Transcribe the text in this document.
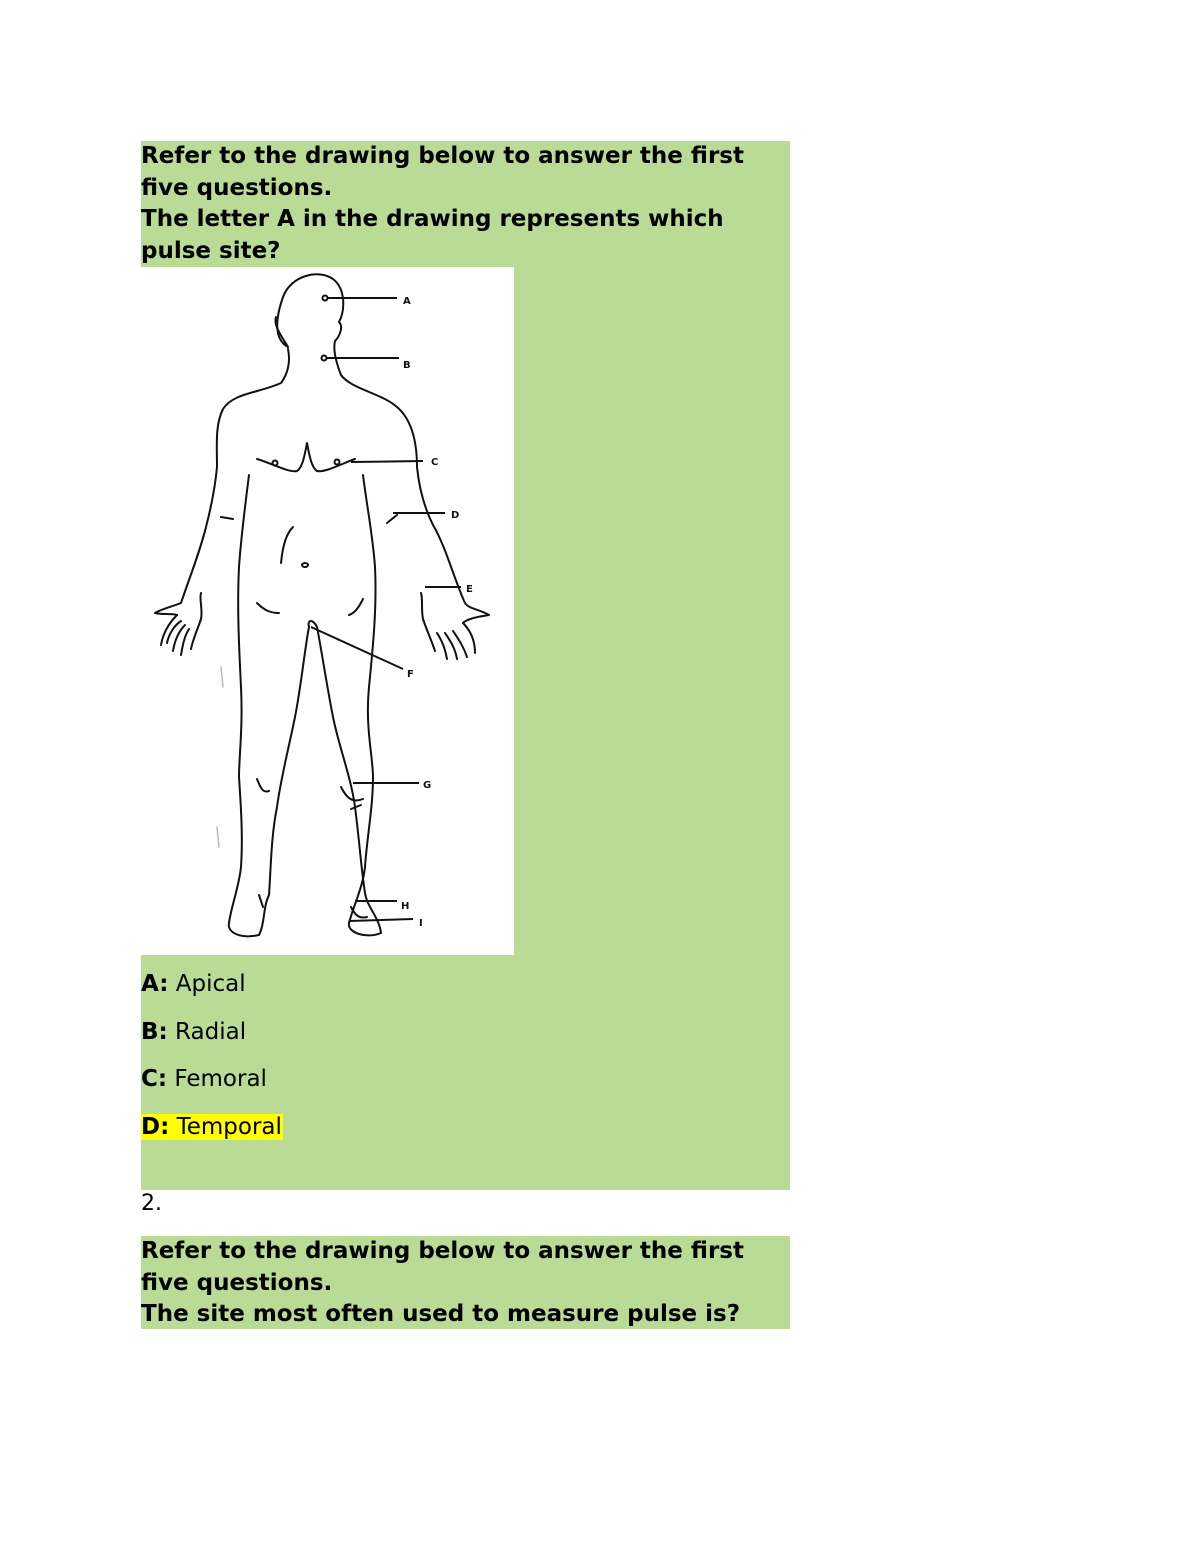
Refer to the drawing below to answer the first
five questions.
The letter A in the drawing represents which
pulse site?

A
B
C
D
E
F
G
H
I

A: Apical

B: Radial

C: Femoral

D: Temporal

2.

Refer to the drawing below to answer the first
five questions.
The site most often used to measure pulse is?
